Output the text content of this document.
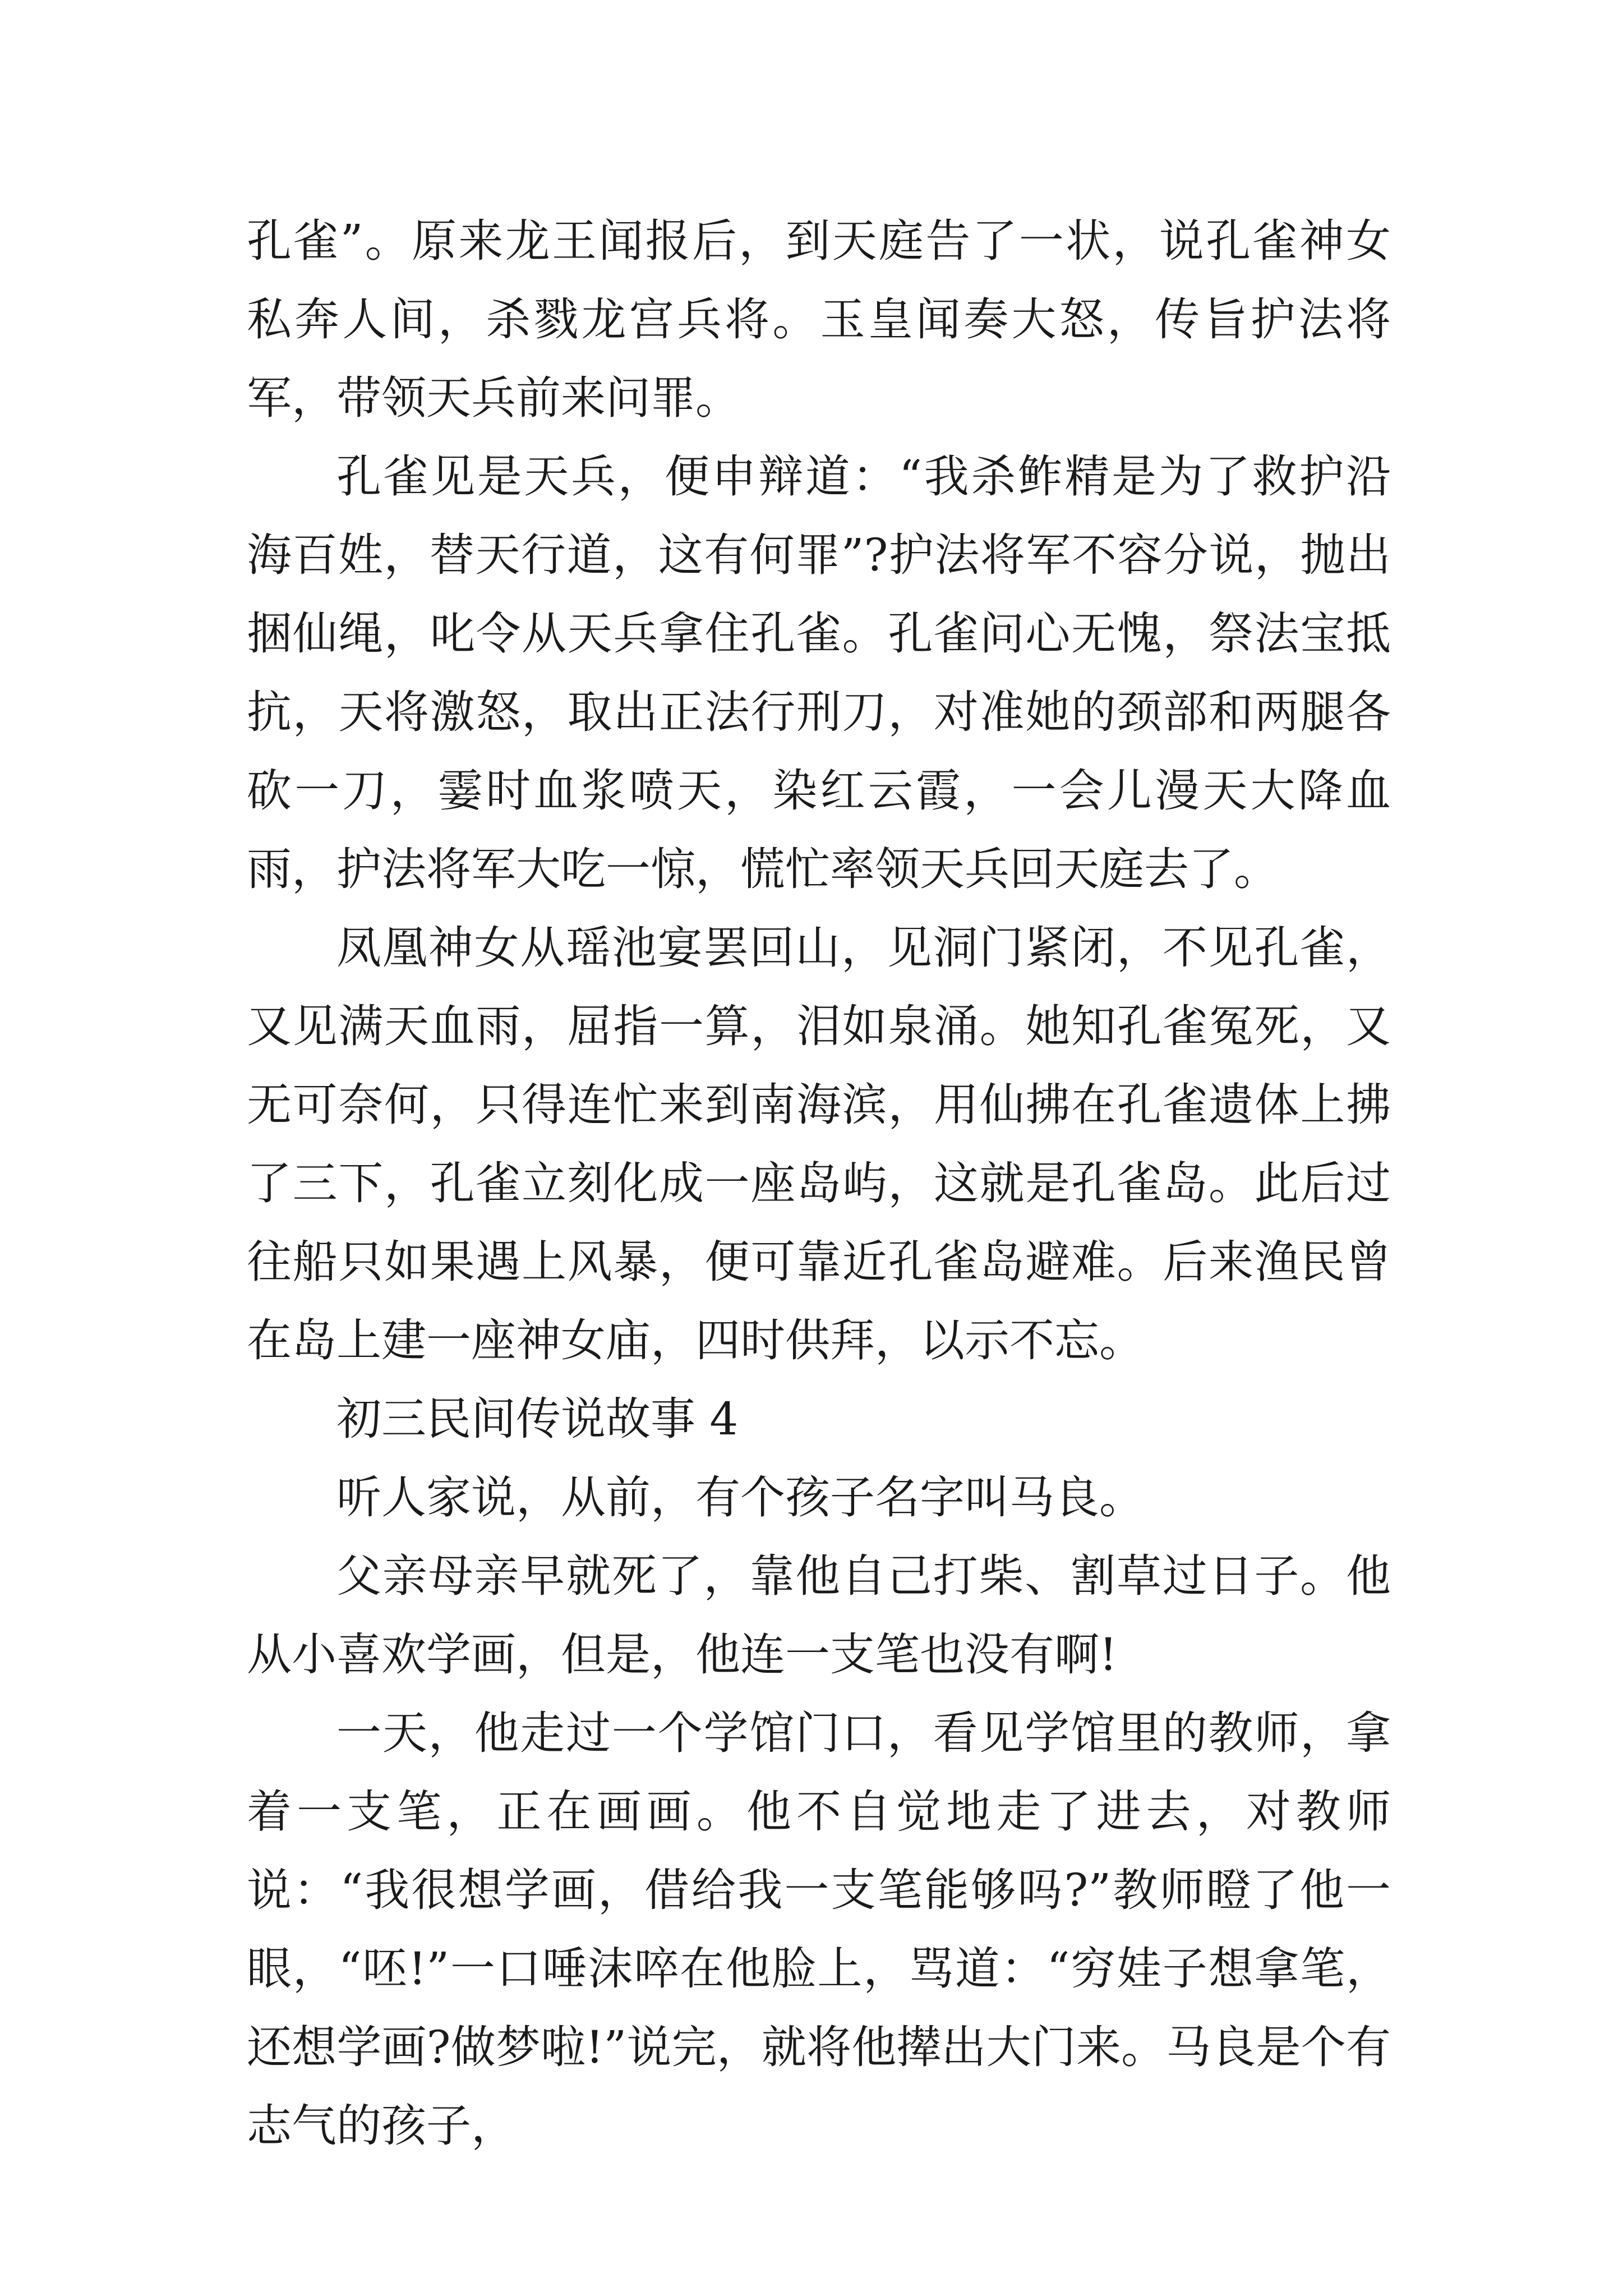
孔雀”。原来龙王闻报后，到天庭告了一状，说孔雀神女私奔人间，杀戮龙宫兵将。玉皇闻奏大怒，传旨护法将军，带领天兵前来问罪。

孔雀见是天兵，便申辩道：“我杀鲊精是为了救护沿海百姓，替天行道，这有何罪”?护法将军不容分说，抛出捆仙绳，叱令从天兵拿住孔雀。孔雀问心无愧，祭法宝抵抗，天将激怒，取出正法行刑刀，对准她的颈部和两腿各砍一刀，霎时血浆喷天，染红云霞，一会儿漫天大降血雨，护法将军大吃一惊，慌忙率领天兵回天庭去了。

凤凰神女从瑶池宴罢回山，见洞门紧闭，不见孔雀，又见满天血雨，屈指一算，泪如泉涌。她知孔雀冤死，又无可奈何，只得连忙来到南海滨，用仙拂在孔雀遗体上拂了三下，孔雀立刻化成一座岛屿，这就是孔雀岛。此后过往船只如果遇上风暴，便可靠近孔雀岛避难。后来渔民曾在岛上建一座神女庙，四时供拜，以示不忘。

初三民间传说故事 4

听人家说，从前，有个孩子名字叫马良。

父亲母亲早就死了，靠他自己打柴、割草过日子。他从小喜欢学画，但是，他连一支笔也没有啊!

一天，他走过一个学馆门口，看见学馆里的教师，拿着一支笔，正在画画。他不自觉地走了进去，对教师说：“我很想学画，借给我一支笔能够吗?”教师瞪了他一眼，“呸!”一口唾沫啐在他脸上，骂道：“穷娃子想拿笔，还想学画?做梦啦!”说完，就将他撵出大门来。马良是个有志气的孩子，
